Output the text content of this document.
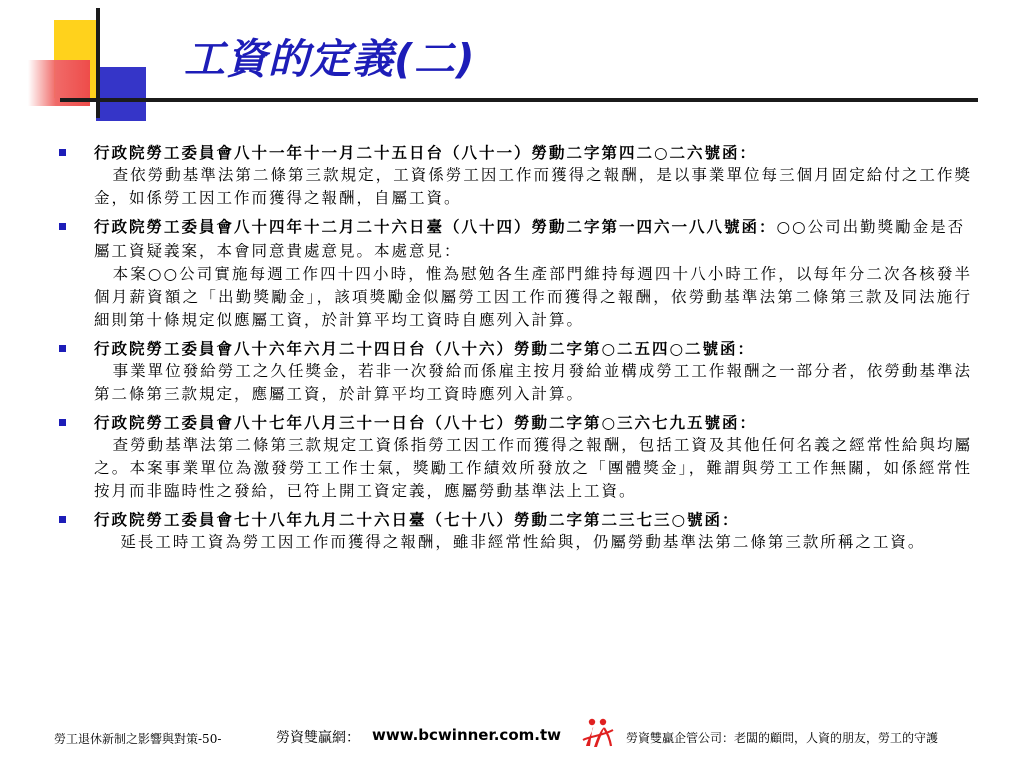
工資的定義(二)
行政院勞工委員會八十一年十一月二十五日台（八十一）勞動二字第四二○二六號函：
查依勞動基準法第二條第三款規定，工資係勞工因工作而獲得之報酬，是以事業單位每三個月固定給付之工作獎金，如係勞工因工作而獲得之報酬，自屬工資。
行政院勞工委員會八十四年十二月二十六日臺（八十四）勞動二字第一四六一八八號函：○○公司出勤獎勵金是否屬工資疑義案，本會同意貴處意見。本處意見：
本案○○公司實施每週工作四十四小時，惟為慰勉各生產部門維持每週四十八小時工作，以每年分二次各核發半個月薪資額之「出勤獎勵金」，該項獎勵金似屬勞工因工作而獲得之報酬，依勞動基準法第二條第三款及同法施行細則第十條規定似應屬工資，於計算平均工資時自應列入計算。
行政院勞工委員會八十六年六月二十四日台（八十六）勞動二字第○二五四○二號函：
事業單位發給勞工之久任獎金，若非一次發給而係雇主按月發給並構成勞工工作報酬之一部分者，依勞動基準法第二條第三款規定，應屬工資，於計算平均工資時應列入計算。
行政院勞工委員會八十七年八月三十一日台（八十七）勞動二字第○三六七九五號函：
查勞動基準法第二條第三款規定工資係指勞工因工作而獲得之報酬，包括工資及其他任何名義之經常性給與均屬之。本案事業單位為激發勞工工作士氣，獎勵工作績效所發放之「團體獎金」，難謂與勞工工作無關，如係經常性按月而非臨時性之發給，已符上開工資定義，應屬勞動基準法上工資。
行政院勞工委員會七十八年九月二十六日臺（七十八）勞動二字第二三七三○號函：
延長工時工資為勞工因工作而獲得之報酬，雖非經常性給與，仍屬勞動基準法第二條第三款所稱之工資。
勞工退休新制之影響與對策-50-	勞資雙贏網： www.bcwinner.com.tw	勞資雙贏企管公司：老闆的顧問，人資的朋友，勞工的守護
